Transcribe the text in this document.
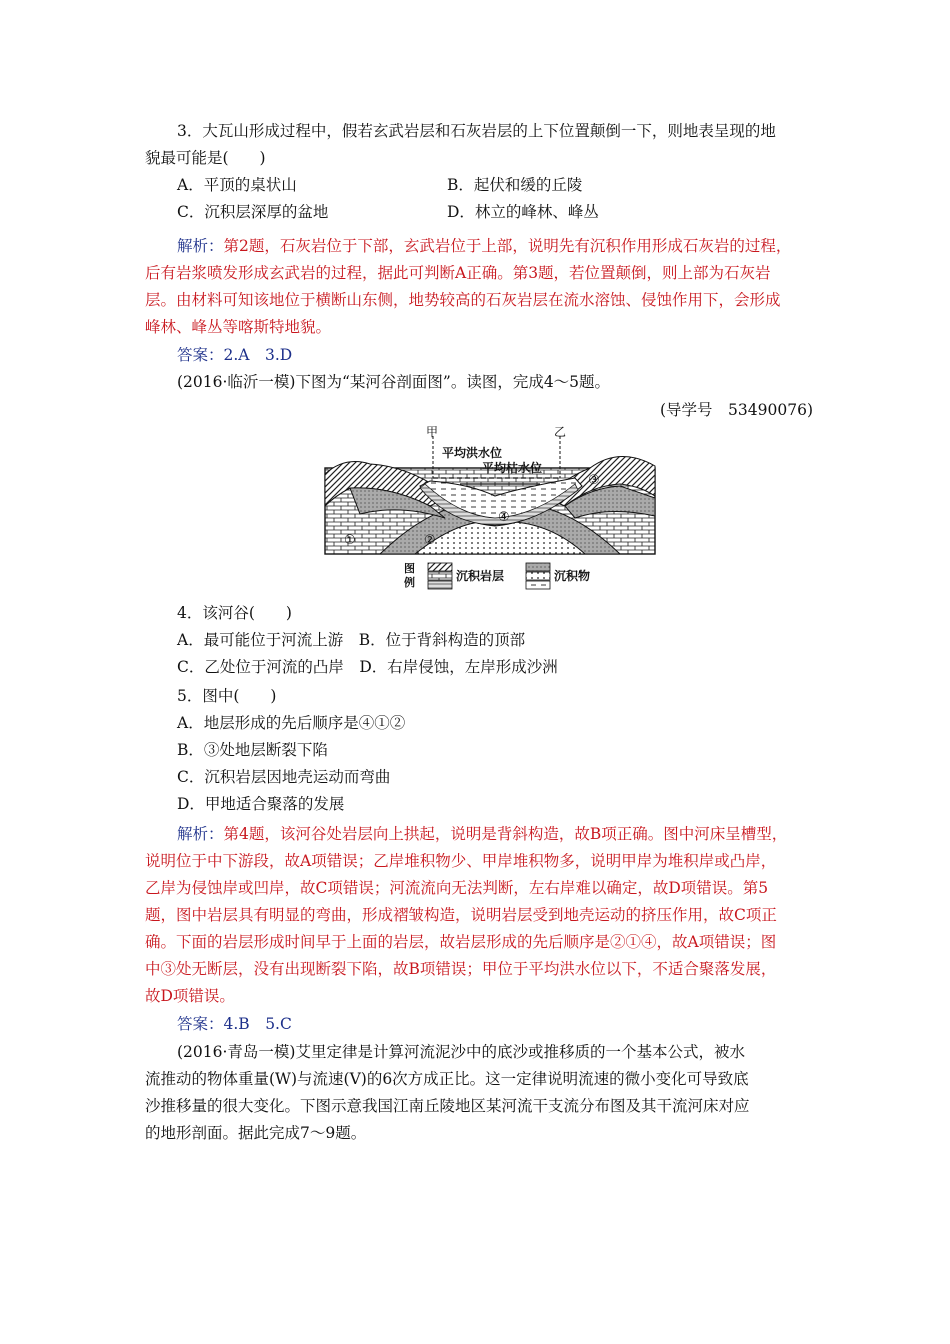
3．大瓦山形成过程中，假若玄武岩层和石灰岩层的上下位置颠倒一下，则地表呈现的地
貌最可能是(　　)
A．平顶的桌状山	B．起伏和缓的丘陵
C．沉积层深厚的盆地	D．林立的峰林、峰丛
解析：第2题，石灰岩位于下部，玄武岩位于上部，说明先有沉积作用形成石灰岩的过程，
后有岩浆喷发形成玄武岩的过程，据此可判断A正确。第3题，若位置颠倒，则上部为石灰岩
层。由材料可知该地位于横断山东侧，地势较高的石灰岩层在流水溶蚀、侵蚀作用下，会形成
峰林、峰丛等喀斯特地貌。
答案：2.A　3.D
(2016·临沂一模)下图为“某河谷剖面图”。读图，完成4～5题。
(导学号　53490076)
甲	乙
平均洪水位
平均枯水位
①	②
③
④
图
例	沉积岩层	沉积物
4．该河谷(　　)
A．最可能位于河流上游　B．位于背斜构造的顶部
C．乙处位于河流的凸岸　D．右岸侵蚀，左岸形成沙洲
5．图中(　　)
A．地层形成的先后顺序是④①②
B．③处地层断裂下陷
C．沉积岩层因地壳运动而弯曲
D．甲地适合聚落的发展
解析：第4题，该河谷处岩层向上拱起，说明是背斜构造，故B项正确。图中河床呈槽型，
说明位于中下游段，故A项错误；乙岸堆积物少、甲岸堆积物多，说明甲岸为堆积岸或凸岸，
乙岸为侵蚀岸或凹岸，故C项错误；河流流向无法判断，左右岸难以确定，故D项错误。第5
题，图中岩层具有明显的弯曲，形成褶皱构造，说明岩层受到地壳运动的挤压作用，故C项正
确。下面的岩层形成时间早于上面的岩层，故岩层形成的先后顺序是②①④，故A项错误；图
中③处无断层，没有出现断裂下陷，故B项错误；甲位于平均洪水位以下，不适合聚落发展，
故D项错误。
答案：4.B　5.C
(2016·青岛一模)艾里定律是计算河流泥沙中的底沙或推移质的一个基本公式，被水
流推动的物体重量(W)与流速(V)的6次方成正比。这一定律说明流速的微小变化可导致底
沙推移量的很大变化。下图示意我国江南丘陵地区某河流干支流分布图及其干流河床对应
的地形剖面。据此完成7～9题。
